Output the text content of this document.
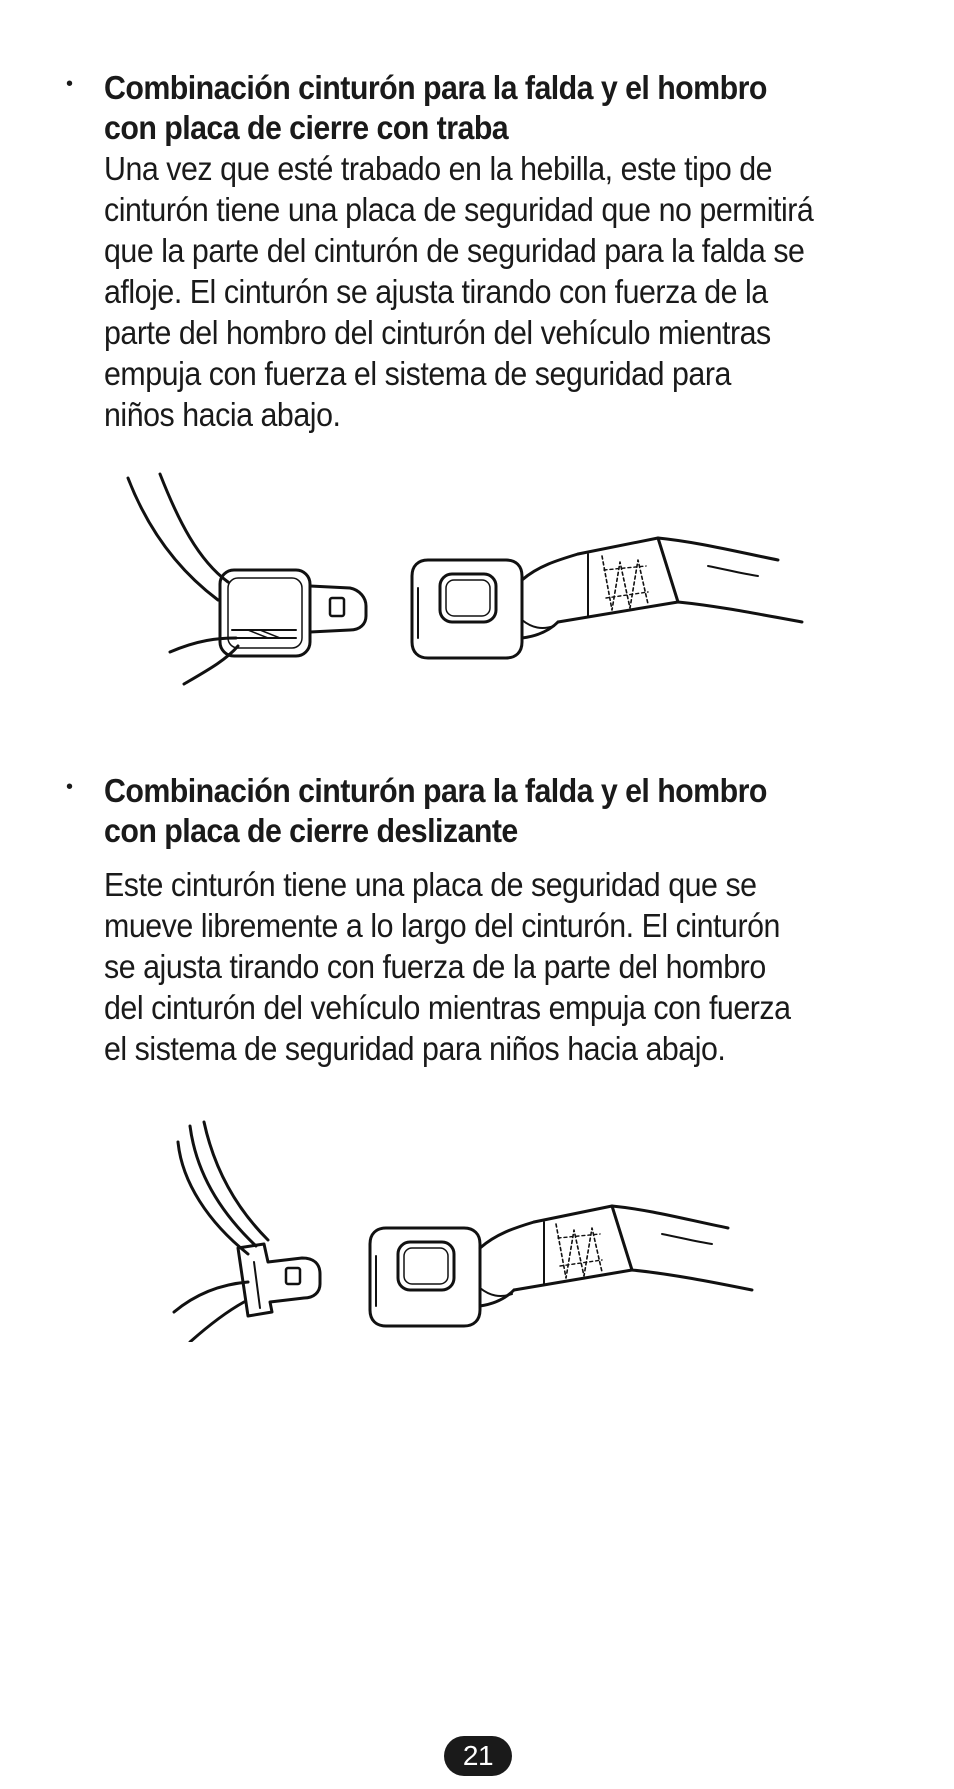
• Combinación cinturón para la falda y el hombro
con placa de cierre con traba
Una vez que esté trabado en la hebilla, este tipo de
cinturón tiene una placa de seguridad que no permitirá
que la parte del cinturón de seguridad para la falda se
afloje. El cinturón se ajusta tirando con fuerza de la
parte del hombro del cinturón del vehículo mientras
empuja con fuerza el sistema de seguridad para
niños hacia abajo.
• Combinación cinturón para la falda y el hombro
con placa de cierre deslizante
Este cinturón tiene una placa de seguridad que se
mueve libremente a lo largo del cinturón. El cinturón
se ajusta tirando con fuerza de la parte del hombro
del cinturón del vehículo mientras empuja con fuerza
el sistema de seguridad para niños hacia abajo.
21
